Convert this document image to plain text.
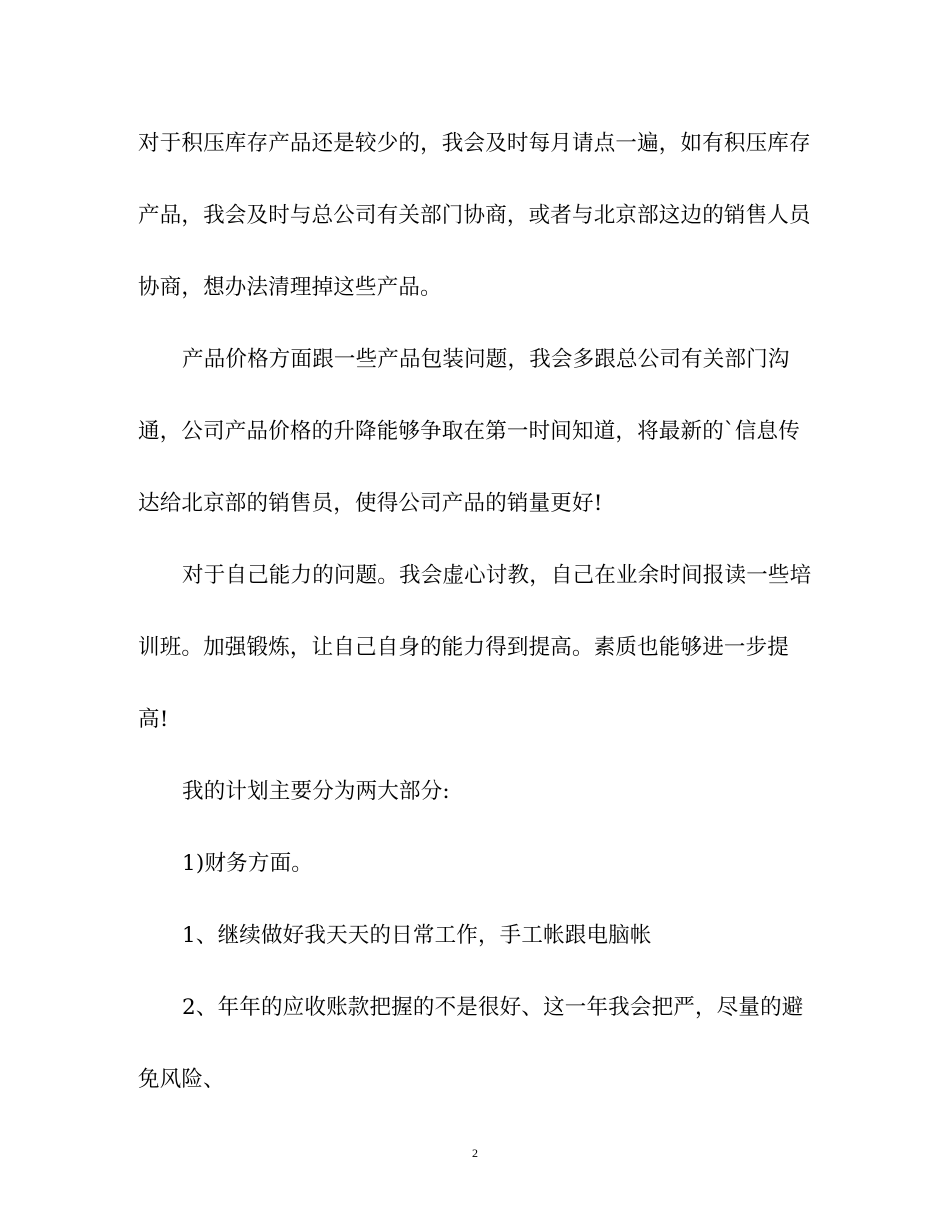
对于积压库存产品还是较少的，我会及时每月请点一遍，如有积压库存
产品，我会及时与总公司有关部门协商，或者与北京部这边的销售人员
协商，想办法清理掉这些产品。
产品价格方面跟一些产品包装问题，我会多跟总公司有关部门沟
通，公司产品价格的升降能够争取在第一时间知道，将最新的`信息传
达给北京部的销售员，使得公司产品的销量更好!
对于自己能力的问题。我会虚心讨教，自己在业余时间报读一些培
训班。加强锻炼，让自己自身的能力得到提高。素质也能够进一步提
高!
我的计划主要分为两大部分:
1)财务方面。
1、继续做好我天天的日常工作，手工帐跟电脑帐
2、年年的应收账款把握的不是很好、这一年我会把严，尽量的避
免风险、
2
